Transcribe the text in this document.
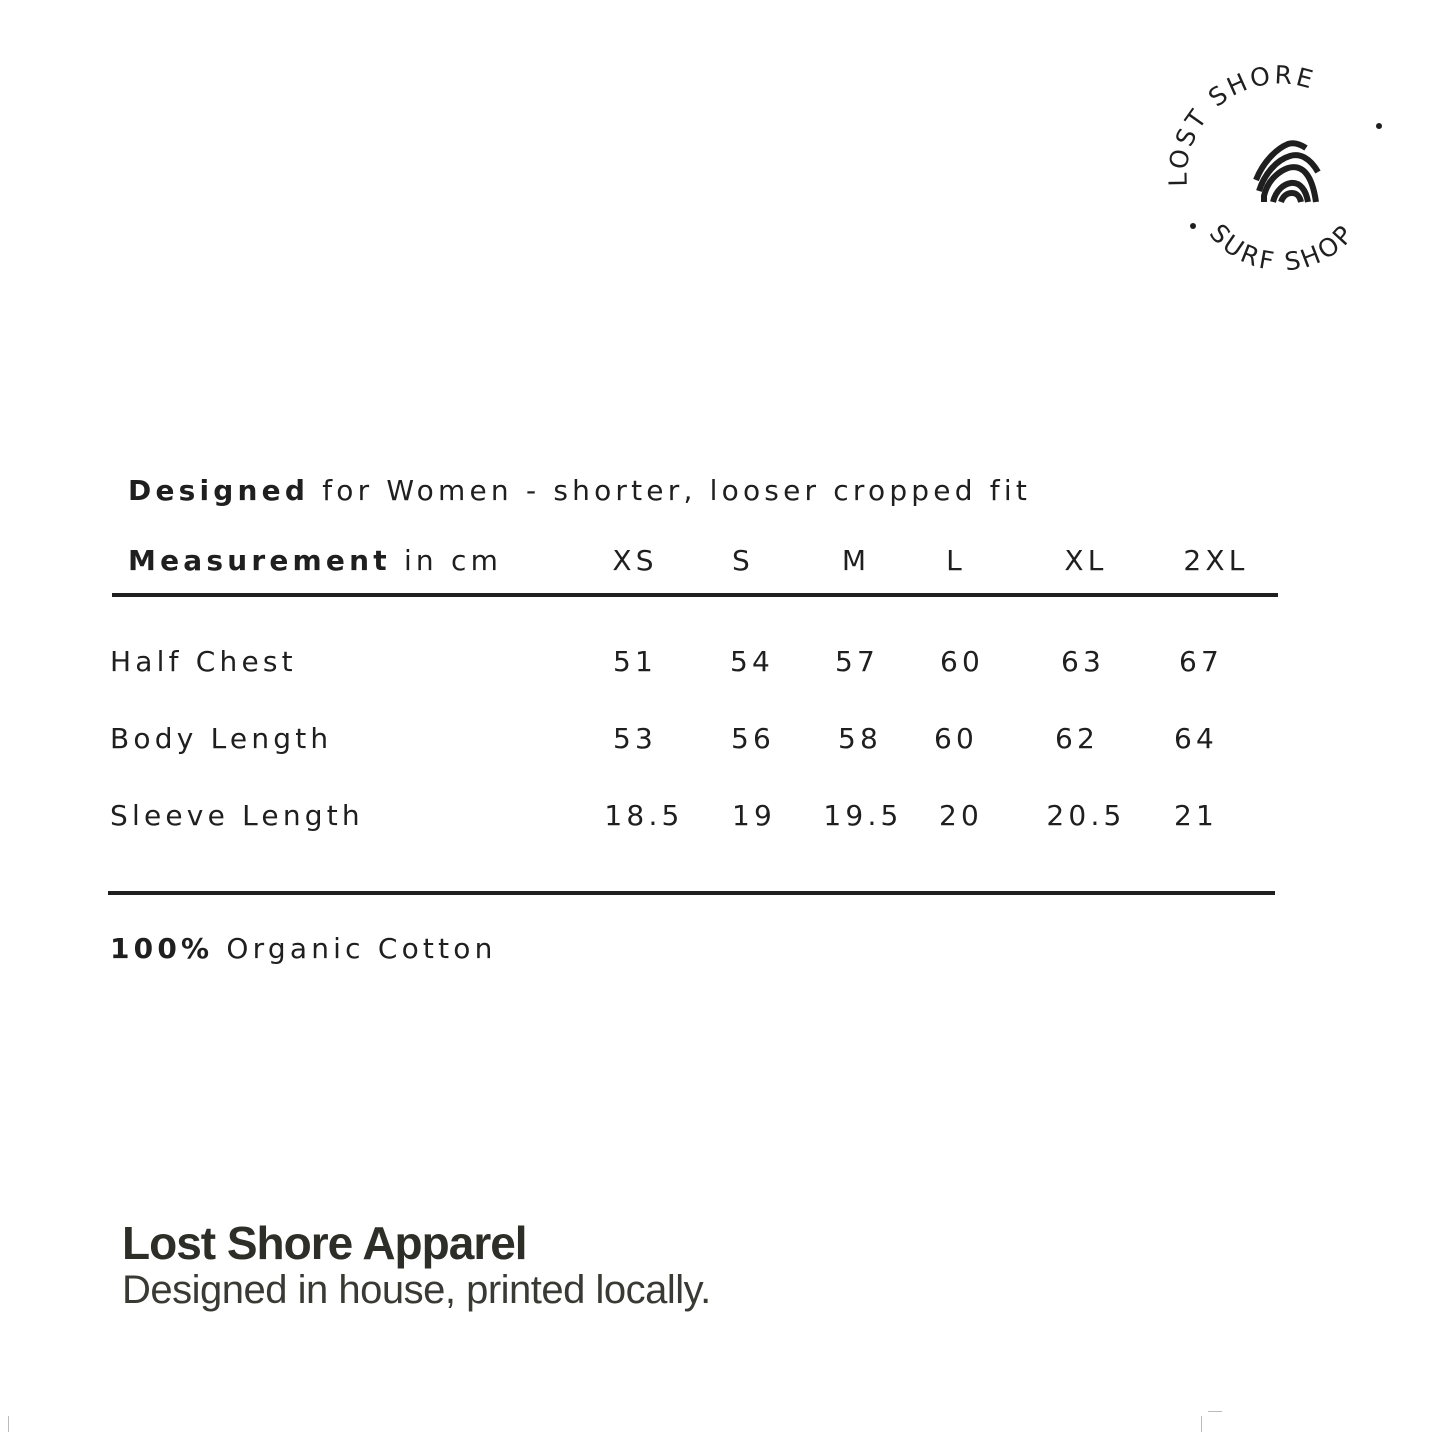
LOST SHORE
SURF SHOP
Designed for Women - shorter, looser cropped fit
Measurement in cm	XS	S	M	L	XL	2XL
Half Chest	51	54	57	60	63	67
Body Length	53	56	58	60	62	64
Sleeve Length	18.5	19	19.5	20	20.5	21
100% Organic Cotton
Lost Shore Apparel
Designed in house, printed locally.
